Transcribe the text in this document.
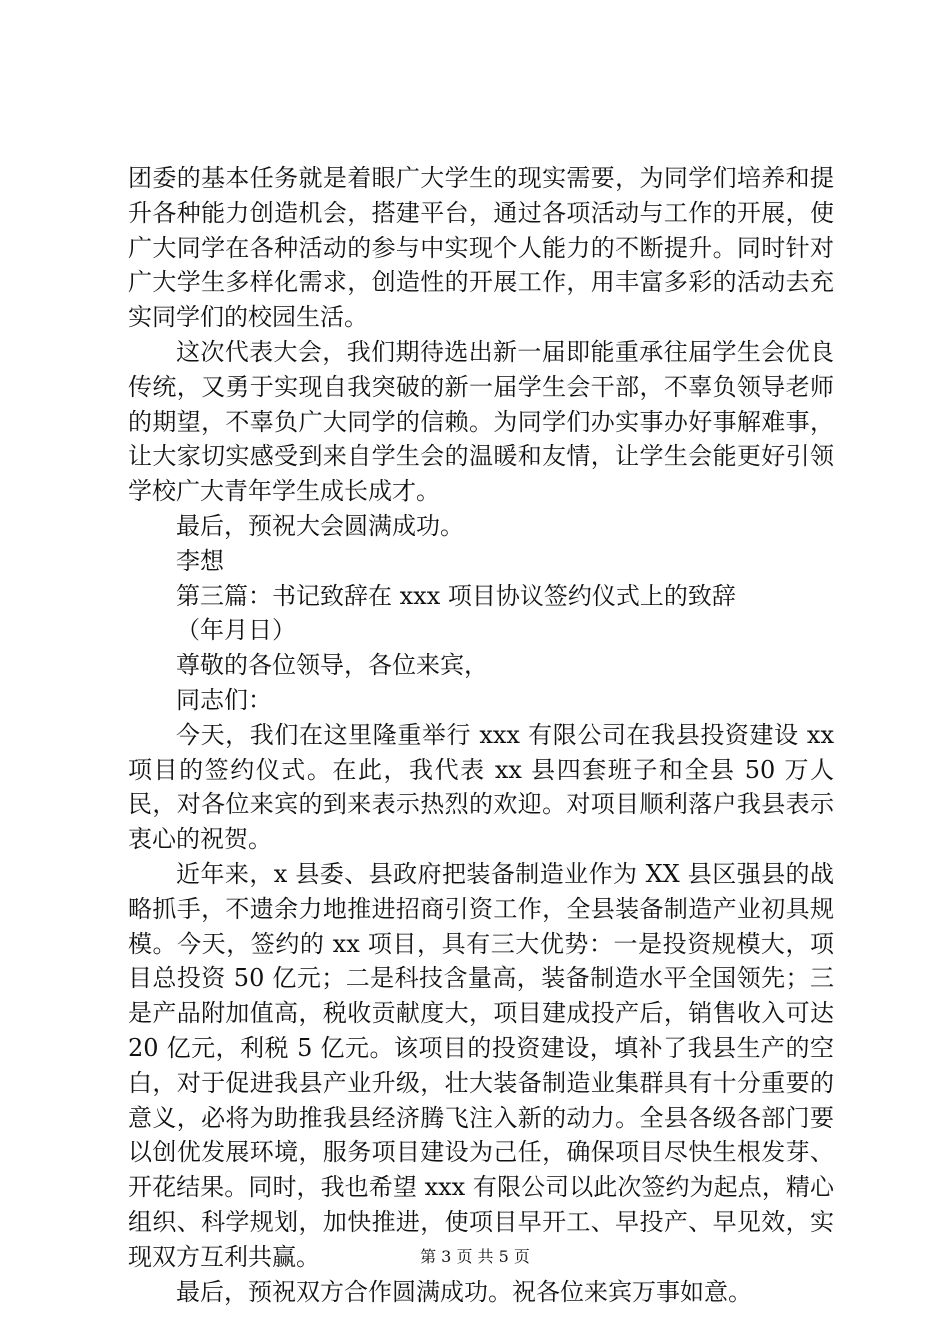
团委的基本任务就是着眼广大学生的现实需要，为同学们培养和提升各种能力创造机会，搭建平台，通过各项活动与工作的开展，使广大同学在各种活动的参与中实现个人能力的不断提升。同时针对广大学生多样化需求，创造性的开展工作，用丰富多彩的活动去充实同学们的校园生活。

这次代表大会，我们期待选出新一届即能重承往届学生会优良传统，又勇于实现自我突破的新一届学生会干部，不辜负领导老师的期望，不辜负广大同学的信赖。为同学们办实事办好事解难事，让大家切实感受到来自学生会的温暖和友情，让学生会能更好引领学校广大青年学生成长成才。

最后，预祝大会圆满成功。

李想

第三篇：书记致辞在 xxx 项目协议签约仪式上的致辞

（年月日）

尊敬的各位领导，各位来宾，

同志们：

今天，我们在这里隆重举行 xxx 有限公司在我县投资建设 xx 项目的签约仪式。在此，我代表 xx 县四套班子和全县 50 万人民，对各位来宾的到来表示热烈的欢迎。对项目顺利落户我县表示衷心的祝贺。

近年来，x 县委、县政府把装备制造业作为 XX 县区强县的战略抓手，不遗余力地推进招商引资工作，全县装备制造产业初具规模。今天，签约的 xx 项目，具有三大优势：一是投资规模大，项目总投资 50 亿元；二是科技含量高，装备制造水平全国领先；三是产品附加值高，税收贡献度大，项目建成投产后，销售收入可达 20 亿元，利税 5 亿元。该项目的投资建设，填补了我县生产的空白，对于促进我县产业升级，壮大装备制造业集群具有十分重要的意义，必将为助推我县经济腾飞注入新的动力。全县各级各部门要以创优发展环境，服务项目建设为己任，确保项目尽快生根发芽、开花结果。同时，我也希望 xxx 有限公司以此次签约为起点，精心组织、科学规划，加快推进，使项目早开工、早投产、早见效，实现双方互利共赢。

最后，预祝双方合作圆满成功。祝各位来宾万事如意。

第 3 页 共 5 页
